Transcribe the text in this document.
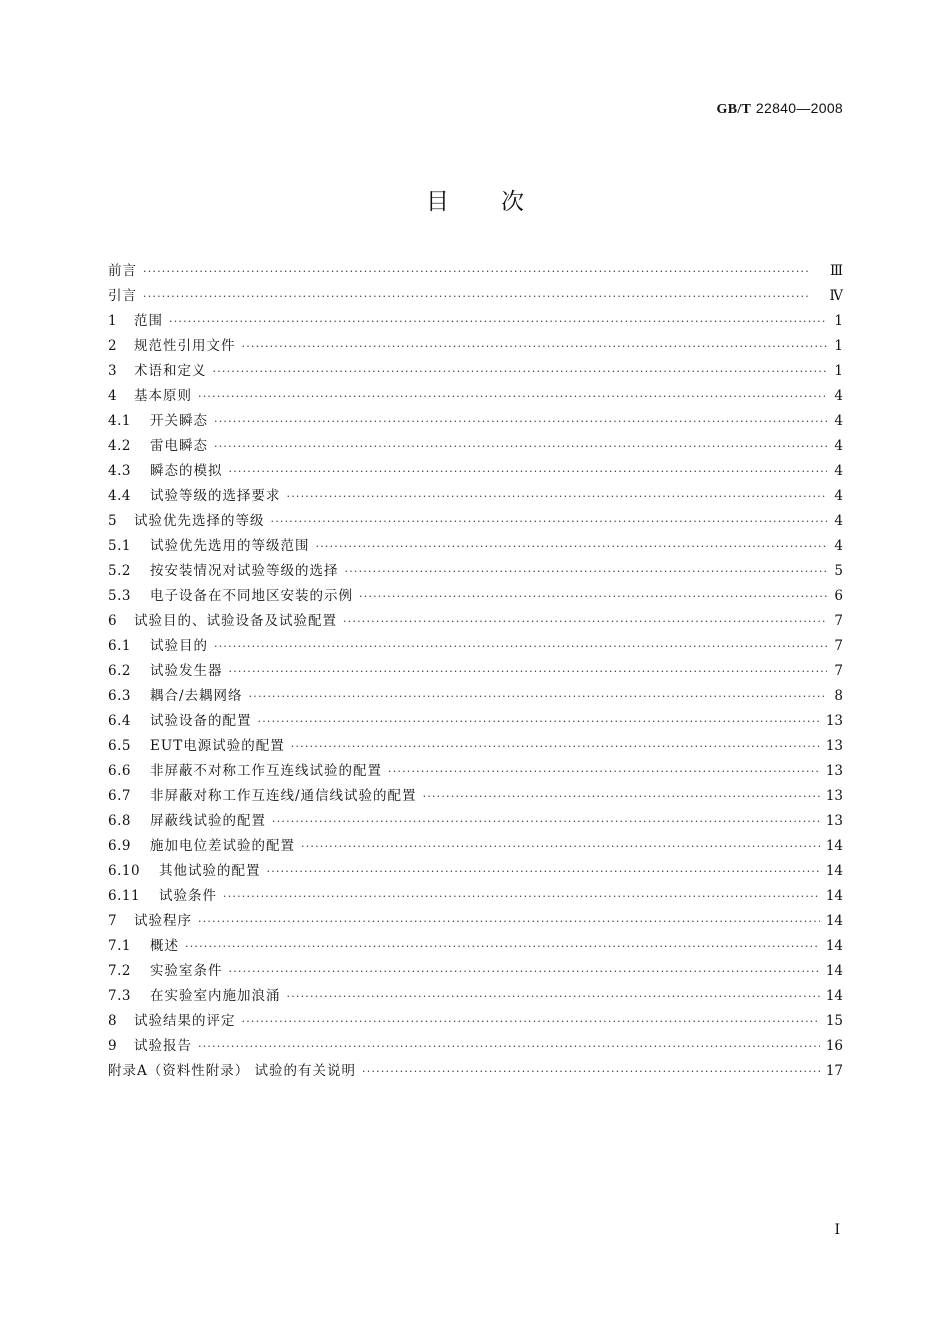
GB/T 22840—2008
目 次
前言 ·····	Ⅲ
引言 ·····	Ⅳ
1	范围 ·····	1
2	规范性引用文件 ·····	1
3	术语和定义 ·····	1
4	基本原则 ·····	4
4.1	开关瞬态 ·····	4
4.2	雷电瞬态 ·····	4
4.3	瞬态的模拟 ·····	4
4.4	试验等级的选择要求 ·····	4
5	试验优先选择的等级 ·····	4
5.1	试验优先选用的等级范围 ·····	4
5.2	按安装情况对试验等级的选择 ·····	5
5.3	电子设备在不同地区安装的示例 ·····	6
6	试验目的、试验设备及试验配置 ·····	7
6.1	试验目的 ·····	7
6.2	试验发生器 ·····	7
6.3	耦合/去耦网络 ·····	8
6.4	试验设备的配置 ·····	13
6.5	EUT电源试验的配置 ·····	13
6.6	非屏蔽不对称工作互连线试验的配置 ·····	13
6.7	非屏蔽对称工作互连线/通信线试验的配置 ·····	13
6.8	屏蔽线试验的配置 ·····	13
6.9	施加电位差试验的配置 ·····	14
6.10	其他试验的配置 ·····	14
6.11	试验条件 ·····	14
7	试验程序 ·····	14
7.1	概述 ·····	14
7.2	实验室条件 ·····	14
7.3	在实验室内施加浪涌 ·····	14
8	试验结果的评定 ·····	15
9	试验报告 ·····	16
附录A（资料性附录） 试验的有关说明 ·····	17
I
